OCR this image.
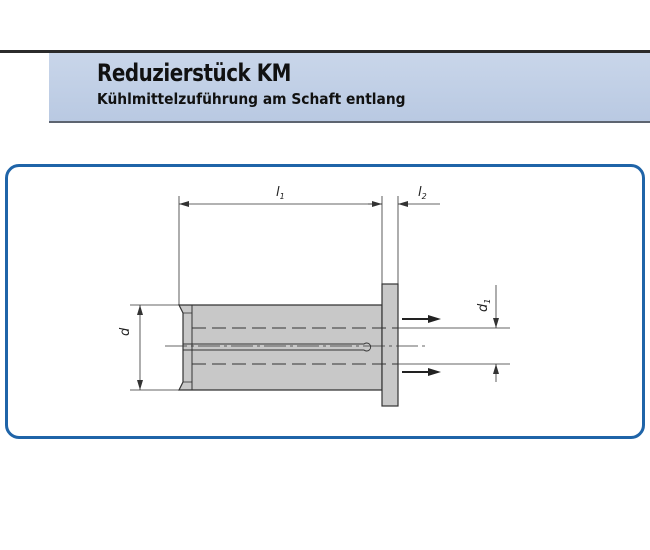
Reduzierstück KM
Kühlmittelzuführung am Schaft entlang
$l_1$	$l_2$
d
$d_1$
